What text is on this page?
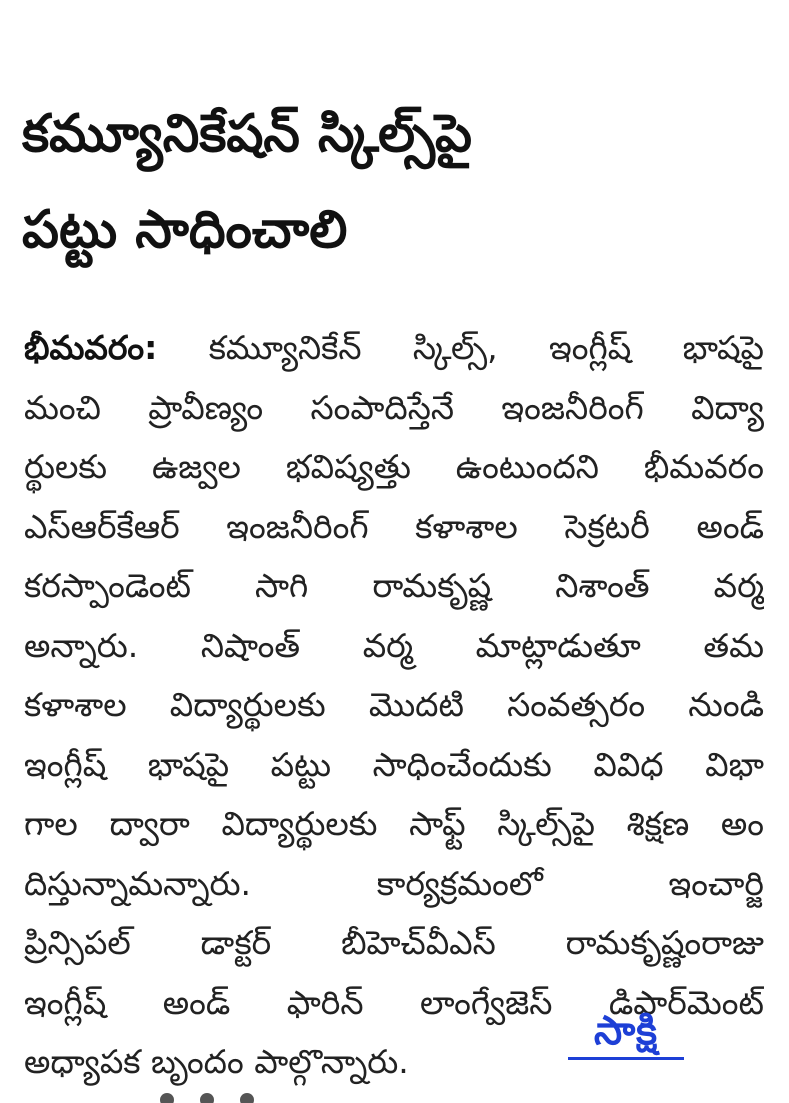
కమ్యూనికేషన్ స్కిల్స్‌పై
పట్టు సాధించాలి
భీమవరం: కమ్యూనికేన్ స్కిల్స్, ఇంగ్లీష్ భాషపై
మంచి ప్రావీణ్యం సంపాదిస్తేనే ఇంజనీరింగ్ విద్యా
ర్థులకు ఉజ్వల భవిష్యత్తు ఉంటుందని భీమవరం
ఎస్‌ఆర్‌కేఆర్ ఇంజనీరింగ్ కళాశాల సెక్రటరీ అండ్
కరస్పాండెంట్ సాగి రామకృష్ణ నిశాంత్ వర్మ
అన్నారు. నిషాంత్ వర్మ మాట్లాడుతూ తమ
కళాశాల విద్యార్థులకు మొదటి సంవత్సరం నుండి
ఇంగ్లీష్ భాషపై పట్టు సాధించేందుకు వివిధ విభా
గాల ద్వారా విద్యార్థులకు సాఫ్ట్ స్కిల్స్‌పై శిక్షణ అం
దిస్తున్నామన్నారు. కార్యక్రమంలో ఇంచార్జి
ప్రిన్సిపల్ డాక్టర్ బీహెచ్‌వీఎస్ రామకృష్ణంరాజు
ఇంగ్లీష్ అండ్ ఫారిన్ లాంగ్వేజెస్ డిపార్‌మెంట్
అధ్యాపక బృందం పాల్గొన్నారు.
సాక్షి
